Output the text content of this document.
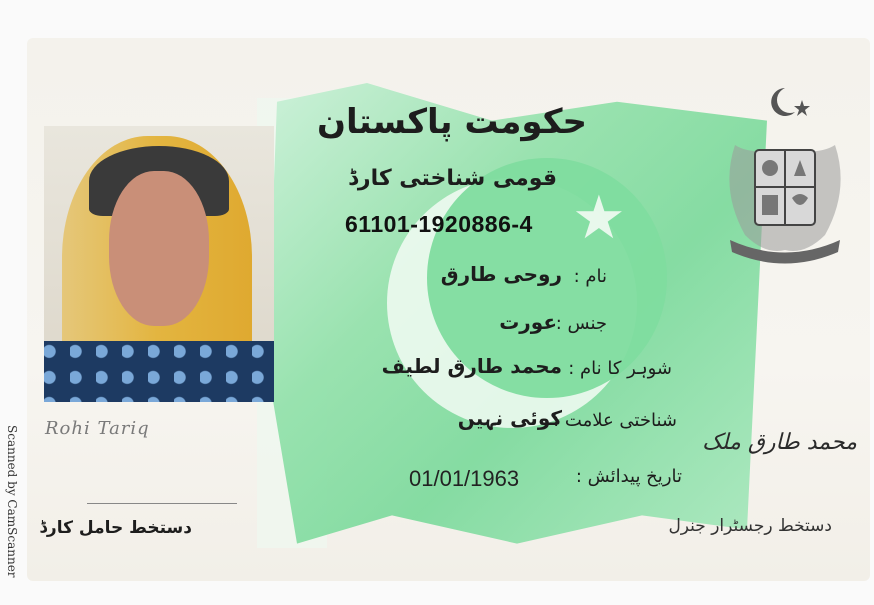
Scanned by CamScanner
★
حکومت پاکستان
قومی شناختی کارڈ
61101-1920886-4
نام :
روحی طارق
جنس :
عورت
شوہر کا نام :
محمد طارق لطیف
شناختی علامت :
کوئی نہیں
تاریخ پیدائش :
01/01/1963
Rohi Tariq
دستخط حامل کارڈ
محمد طارق ملک
دستخط رجسٹرار جنرل
